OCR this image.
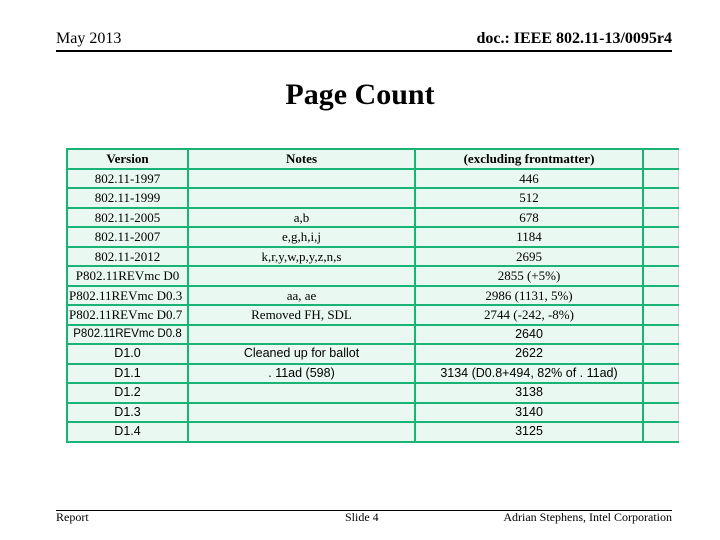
May 2013	doc.: IEEE 802.11-13/0095r4
Page Count
Version	Notes	(excluding frontmatter)	
802.11-1997		446	
802.11-1999		512	
802.11-2005	a,b	678	
802.11-2007	e,g,h,i,j	1184	
802.11-2012	k,r,y,w,p,y,z,n,s	2695	
P802.11REVmc D0		2855 (+5%)	
P802.11REVmc D0.3	aa, ae	2986 (1131, 5%)	
P802.11REVmc D0.7	Removed FH, SDL	2744 (-242, -8%)	
P802.11REVmc D0.8		2640	
D1.0	Cleaned up for ballot	2622	
D1.1	. 11ad (598)	3134 (D0.8+494, 82% of . 11ad)	
D1.2		3138	
D1.3		3140	
D1.4		3125	
Report	Slide 4	Adrian Stephens, Intel Corporation
